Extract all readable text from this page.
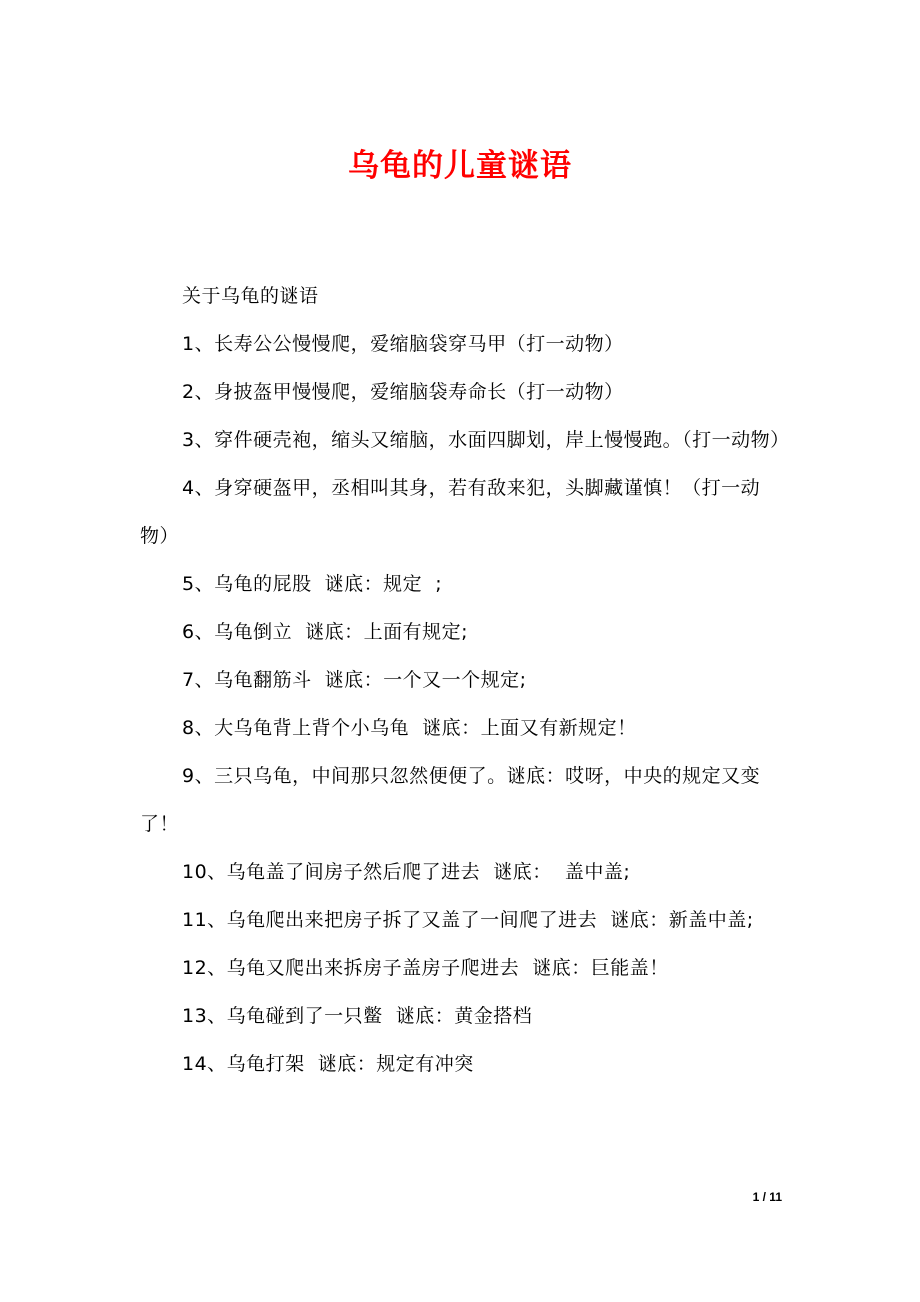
乌龟的儿童谜语

关于乌龟的谜语

1、长寿公公慢慢爬，爱缩脑袋穿马甲（打一动物）

2、身披盔甲慢慢爬，爱缩脑袋寿命长（打一动物）

3、穿件硬壳袍，缩头又缩脑，水面四脚划，岸上慢慢跑。（打一动物）

4、身穿硬盔甲，丞相叫其身，若有敌来犯，头脚藏谨慎！（打一动物）

5、乌龟的屁股  谜底：规定  ;

6、乌龟倒立  谜底：上面有规定;

7、乌龟翻筋斗  谜底：一个又一个规定;

8、大乌龟背上背个小乌龟  谜底：上面又有新规定！

9、三只乌龟，中间那只忽然便便了。谜底：哎呀，中央的规定又变了！

10、乌龟盖了间房子然后爬了进去  谜底：  盖中盖;

11、乌龟爬出来把房子拆了又盖了一间爬了进去  谜底：新盖中盖;

12、乌龟又爬出来拆房子盖房子爬进去  谜底：巨能盖！

13、乌龟碰到了一只鳖  谜底：黄金搭档

14、乌龟打架  谜底：规定有冲突

1 / 11
